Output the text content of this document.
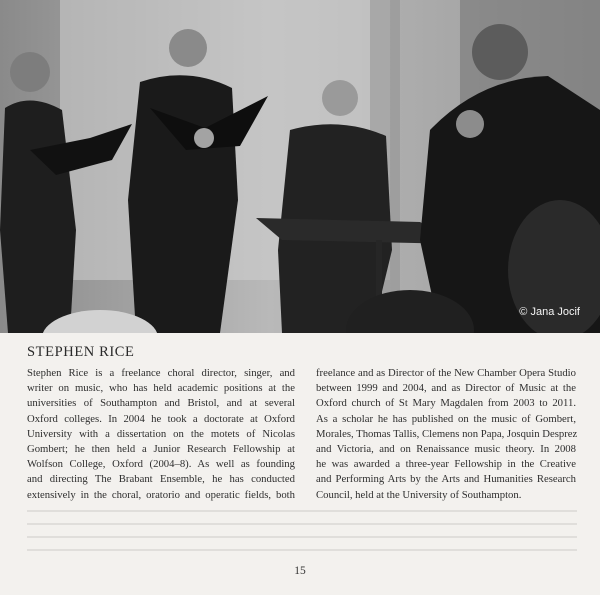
© Jana Jocif
STEPHEN RICE
Stephen Rice is a freelance choral director, singer, and
writer on music, who has held academic positions at the
universities of Southampton and Bristol, and at several
Oxford colleges. In 2004 he took a doctorate at Oxford
University with a dissertation on the motets of Nicolas
Gombert; he then held a Junior Research Fellowship at
Wolfson College, Oxford (2004–8). As well as founding
and directing The Brabant Ensemble, he has conducted
extensively in the choral, oratorio and operatic fields, both
freelance and as Director of the New Chamber Opera Studio
between 1999 and 2004, and as Director of Music at the
Oxford church of St Mary Magdalen from 2003 to 2011.
As a scholar he has published on the music of Gombert,
Morales, Thomas Tallis, Clemens non Papa, Josquin Desprez
and Victoria, and on Renaissance music theory. In 2008
he was awarded a three-year Fellowship in the Creative
and Performing Arts by the Arts and Humanities Research
Council, held at the University of Southampton.
15
